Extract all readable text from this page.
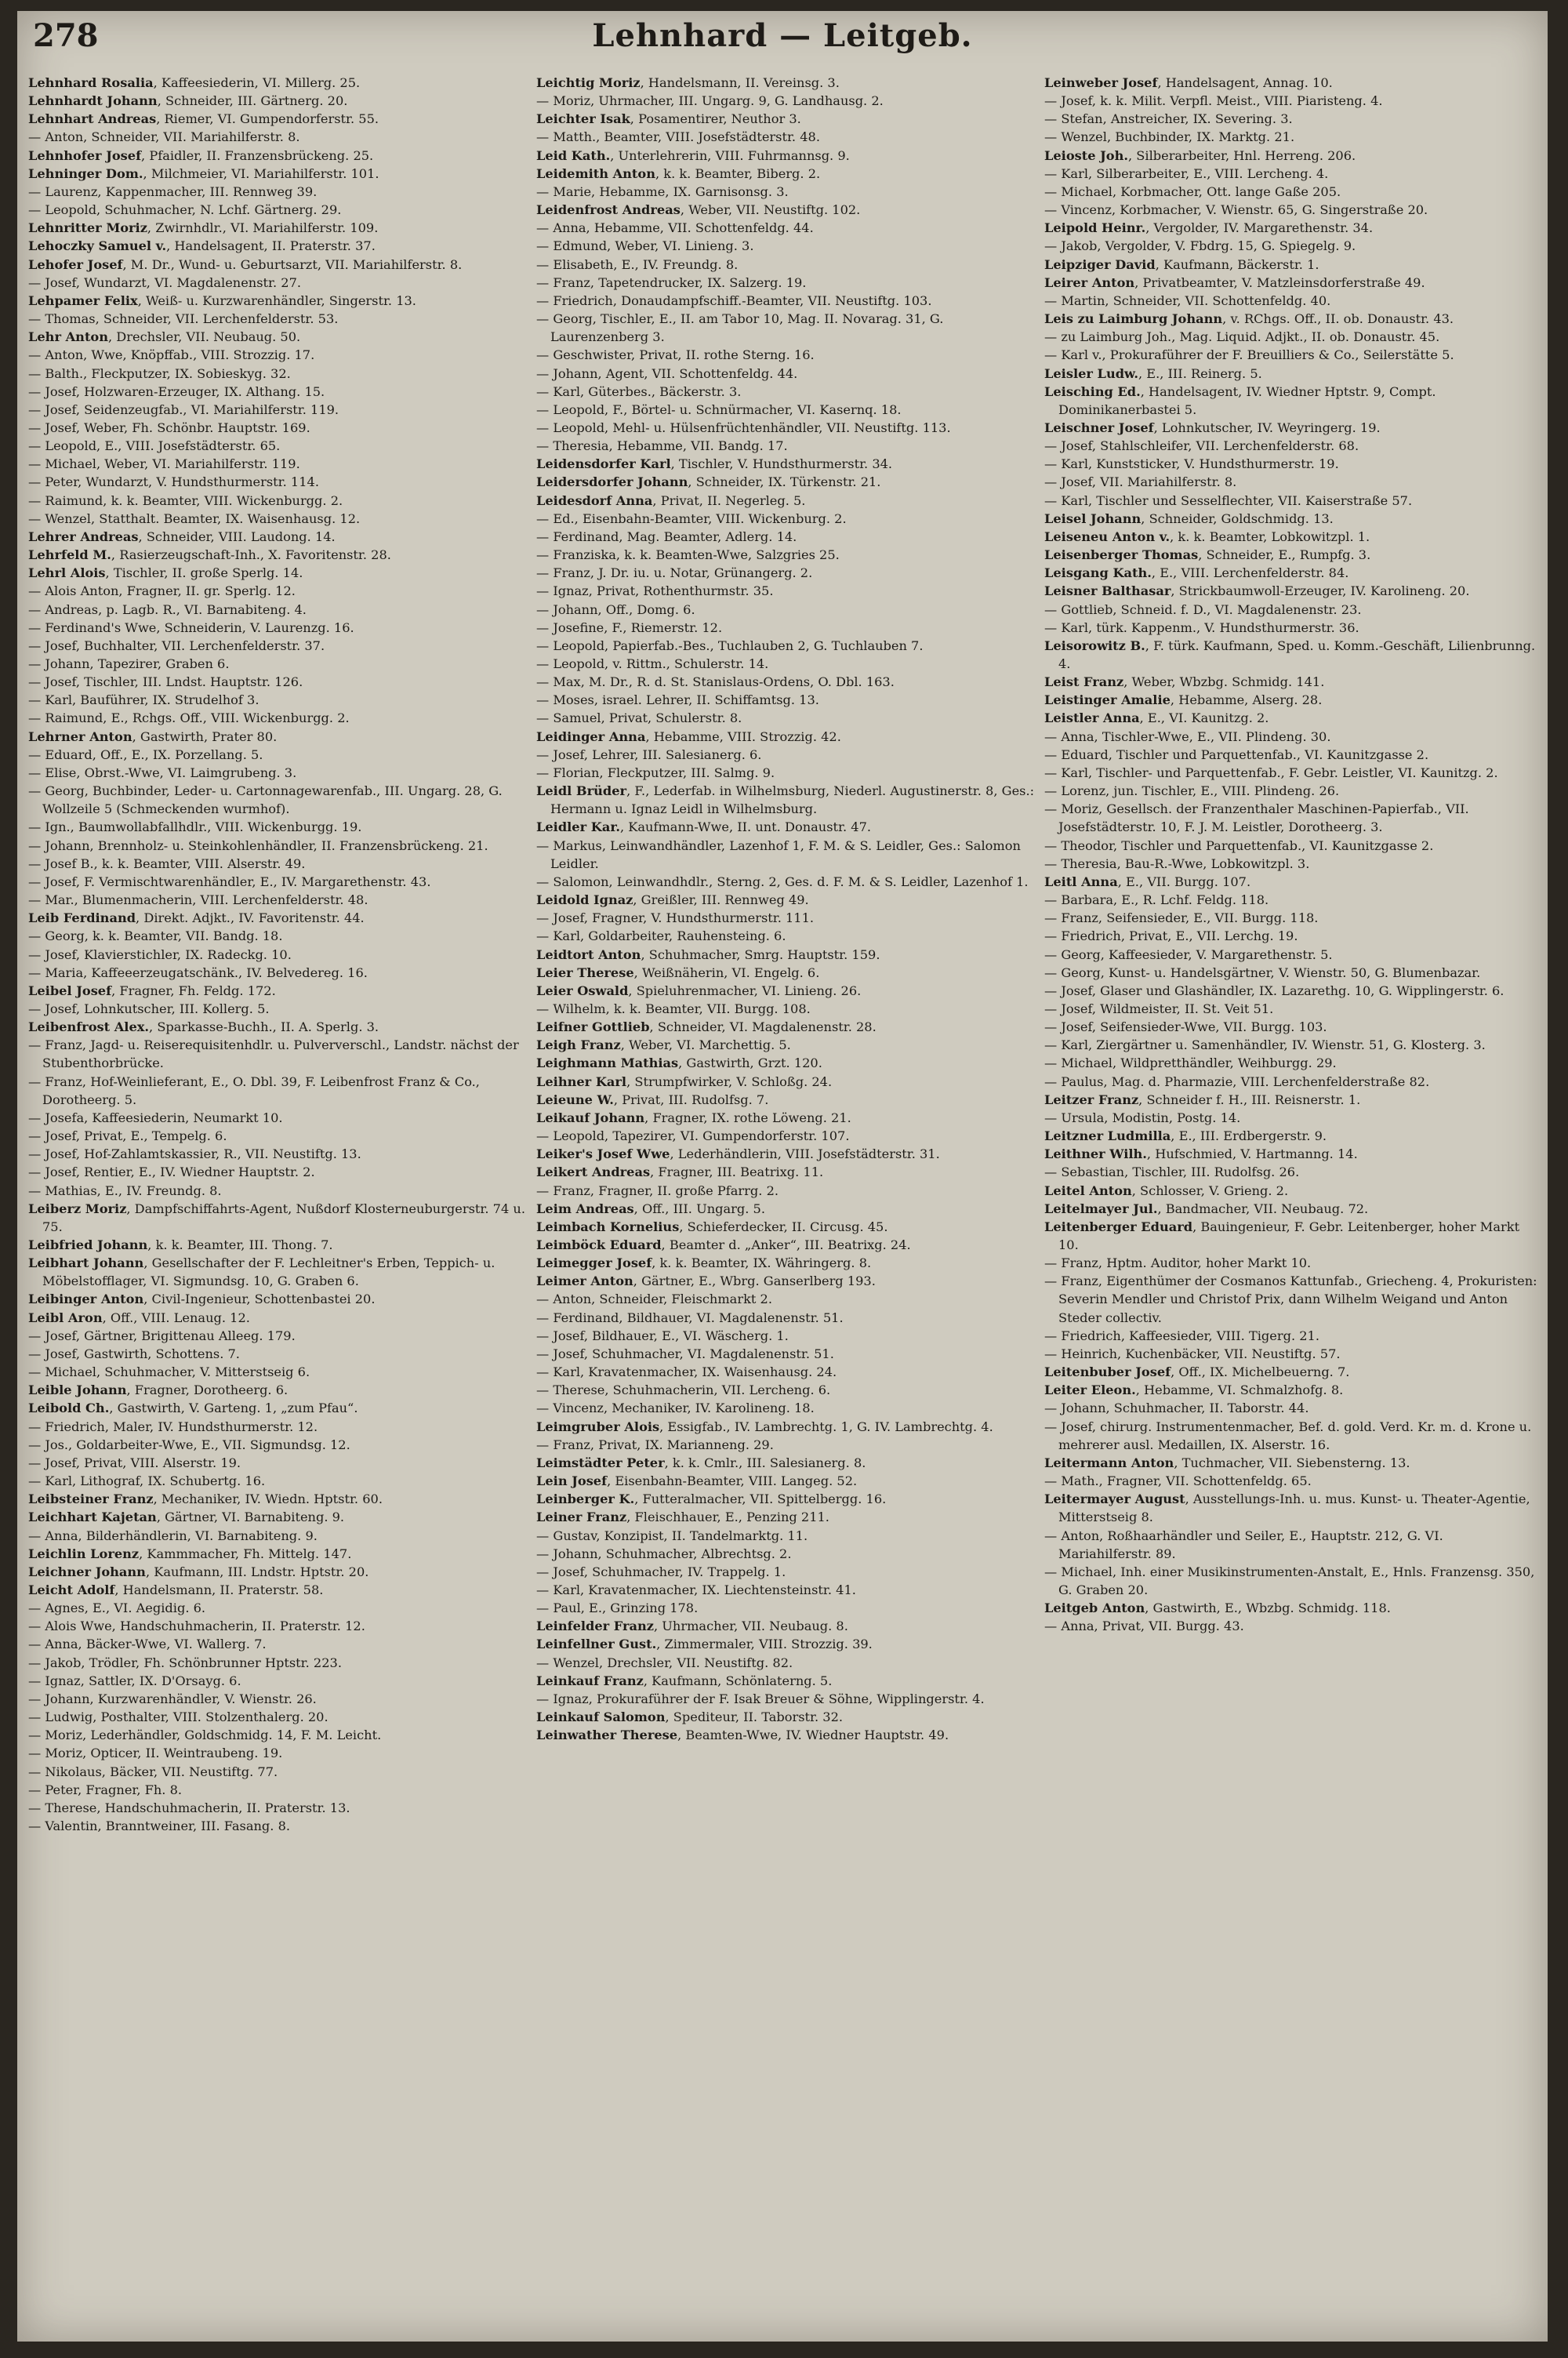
278	Lehnhard — Leitgeb.
Lehnhard Rosalia, Kaffeesiederin, VI. Millerg. 25.
Lehnhardt Johann, Schneider, III. Gärtnerg. 20.
Lehnhart Andreas, Riemer, VI. Gumpendorferstr. 55.
— Anton, Schneider, VII. Mariahilferstr. 8.
Lehnhofer Josef, Pfaidler, II. Franzensbrückeng. 25.
Lehninger Dom., Milchmeier, VI. Mariahilferstr. 101.
— Laurenz, Kappenmacher, III. Rennweg 39.
— Leopold, Schuhmacher, N. Lchf. Gärtnerg. 29.
Lehnritter Moriz, Zwirnhdlr., VI. Mariahilferstr. 109.
Lehoczky Samuel v., Handelsagent, II. Praterstr. 37.
Lehofer Josef, M. Dr., Wund- u. Geburtsarzt, VII. Mariahilferstr. 8.
— Josef, Wundarzt, VI. Magdalenenstr. 27.
Lehpamer Felix, Weiß- u. Kurzwarenhändler, Singerstr. 13.
— Thomas, Schneider, VII. Lerchenfelderstr. 53.
Lehr Anton, Drechsler, VII. Neubaug. 50.
— Anton, Wwe, Knöpffab., VIII. Strozzig. 17.
— Balth., Fleckputzer, IX. Sobieskyg. 32.
— Josef, Holzwaren-Erzeuger, IX. Althang. 15.
— Josef, Seidenzeugfab., VI. Mariahilferstr. 119.
— Josef, Weber, Fh. Schönbr. Hauptstr. 169.
— Leopold, E., VIII. Josefstädterstr. 65.
— Michael, Weber, VI. Mariahilferstr. 119.
— Peter, Wundarzt, V. Hundsthurmerstr. 114.
— Raimund, k. k. Beamter, VIII. Wickenburgg. 2.
— Wenzel, Statthalt. Beamter, IX. Waisenhausg. 12.
Lehrer Andreas, Schneider, VIII. Laudong. 14.
Lehrfeld M., Rasierzeugschaft-Inh., X. Favoritenstr. 28.
Lehrl Alois, Tischler, II. große Sperlg. 14.
— Alois Anton, Fragner, II. gr. Sperlg. 12.
— Andreas, p. Lagb. R., VI. Barnabiteng. 4.
— Ferdinand's Wwe, Schneiderin, V. Laurenzg. 16.
— Josef, Buchhalter, VII. Lerchenfelderstr. 37.
— Johann, Tapezirer, Graben 6.
— Josef, Tischler, III. Lndst. Hauptstr. 126.
— Karl, Bauführer, IX. Strudelhof 3.
— Raimund, E., Rchgs. Off., VIII. Wickenburgg. 2.
Lehrner Anton, Gastwirth, Prater 80.
— Eduard, Off., E., IX. Porzellang. 5.
— Elise, Obrst.-Wwe, VI. Laimgrubeng. 3.
— Georg, Buchbinder, Leder- u. Cartonnagewarenfab., III. Ungarg. 28, G. Wollzeile 5 (Schmeckenden wurmhof).
— Ign., Baumwollabfallhdlr., VIII. Wickenburgg. 19.
— Johann, Brennholz- u. Steinkohlenhändler, II. Franzensbrückeng. 21.
— Josef B., k. k. Beamter, VIII. Alserstr. 49.
— Josef, F. Vermischtwarenhändler, E., IV. Margarethenstr. 43.
— Mar., Blumenmacherin, VIII. Lerchenfelderstr. 48.
Leib Ferdinand, Direkt. Adjkt., IV. Favoritenstr. 44.
— Georg, k. k. Beamter, VII. Bandg. 18.
— Josef, Klavierstichler, IX. Radeckg. 10.
— Maria, Kaffeeerzeugatschänk., IV. Belvedereg. 16.
Leibel Josef, Fragner, Fh. Feldg. 172.
— Josef, Lohnkutscher, III. Kollerg. 5.
Leibenfrost Alex., Sparkasse-Buchh., II. A. Sperlg. 3.
— Franz, Jagd- u. Reiserequisitenhdlr. u. Pulververschl., Landstr. nächst der Stubenthorbrücke.
— Franz, Hof-Weinlieferant, E., O. Dbl. 39, F. Leibenfrost Franz & Co., Dorotheerg. 5.
— Josefa, Kaffeesiederin, Neumarkt 10.
— Josef, Privat, E., Tempelg. 6.
— Josef, Hof-Zahlamtskassier, R., VII. Neustiftg. 13.
— Josef, Rentier, E., IV. Wiedner Hauptstr. 2.
— Mathias, E., IV. Freundg. 8.
Leiberz Moriz, Dampfschiffahrts-Agent, Nußdorf Klosterneuburgerstr. 74 u. 75.
Leibfried Johann, k. k. Beamter, III. Thong. 7.
Leibhart Johann, Gesellschafter der F. Lechleitner's Erben, Teppich- u. Möbelstofflager, VI. Sigmundsg. 10, G. Graben 6.
Leibinger Anton, Civil-Ingenieur, Schottenbastei 20.
Leibl Aron, Off., VIII. Lenaug. 12.
— Josef, Gärtner, Brigittenau Alleeg. 179.
— Josef, Gastwirth, Schottens. 7.
— Michael, Schuhmacher, V. Mitterstseig 6.
Leible Johann, Fragner, Dorotheerg. 6.
Leibold Ch., Gastwirth, V. Garteng. 1, „zum Pfau“.
— Friedrich, Maler, IV. Hundsthurmerstr. 12.
— Jos., Goldarbeiter-Wwe, E., VII. Sigmundsg. 12.
— Josef, Privat, VIII. Alserstr. 19.
— Karl, Lithograf, IX. Schubertg. 16.
Leibsteiner Franz, Mechaniker, IV. Wiedn. Hptstr. 60.
Leichhart Kajetan, Gärtner, VI. Barnabiteng. 9.
— Anna, Bilderhändlerin, VI. Barnabiteng. 9.
Leichlin Lorenz, Kammmacher, Fh. Mittelg. 147.
Leichner Johann, Kaufmann, III. Lndstr. Hptstr. 20.
Leicht Adolf, Handelsmann, II. Praterstr. 58.
— Agnes, E., VI. Aegidig. 6.
— Alois Wwe, Handschuhmacherin, II. Praterstr. 12.
— Anna, Bäcker-Wwe, VI. Wallerg. 7.
— Jakob, Trödler, Fh. Schönbrunner Hptstr. 223.
— Ignaz, Sattler, IX. D'Orsayg. 6.
— Johann, Kurzwarenhändler, V. Wienstr. 26.
— Ludwig, Posthalter, VIII. Stolzenthalerg. 20.
— Moriz, Lederhändler, Goldschmidg. 14, F. M. Leicht.
— Moriz, Opticer, II. Weintraubeng. 19.
— Nikolaus, Bäcker, VII. Neustiftg. 77.
— Peter, Fragner, Fh. 8.
— Therese, Handschuhmacherin, II. Praterstr. 13.
— Valentin, Branntweiner, III. Fasang. 8.
Leichtig Moriz, Handelsmann, II. Vereinsg. 3.
— Moriz, Uhrmacher, III. Ungarg. 9, G. Landhausg. 2.
Leichter Isak, Posamentirer, Neuthor 3.
— Matth., Beamter, VIII. Josefstädterstr. 48.
Leid Kath., Unterlehrerin, VIII. Fuhrmannsg. 9.
Leidemith Anton, k. k. Beamter, Biberg. 2.
— Marie, Hebamme, IX. Garnisonsg. 3.
Leidenfrost Andreas, Weber, VII. Neustiftg. 102.
— Anna, Hebamme, VII. Schottenfeldg. 44.
— Edmund, Weber, VI. Linieng. 3.
— Elisabeth, E., IV. Freundg. 8.
— Franz, Tapetendrucker, IX. Salzerg. 19.
— Friedrich, Donaudampfschiff.-Beamter, VII. Neustiftg. 103.
— Georg, Tischler, E., II. am Tabor 10, Mag. II. Novarag. 31, G. Laurenzenberg 3.
— Geschwister, Privat, II. rothe Sterng. 16.
— Johann, Agent, VII. Schottenfeldg. 44.
— Karl, Güterbes., Bäckerstr. 3.
— Leopold, F., Börtel- u. Schnürmacher, VI. Kasernq. 18.
— Leopold, Mehl- u. Hülsenfrüchtenhändler, VII. Neustiftg. 113.
— Theresia, Hebamme, VII. Bandg. 17.
Leidensdorfer Karl, Tischler, V. Hundsthurmerstr. 34.
Leidersdorfer Johann, Schneider, IX. Türkenstr. 21.
Leidesdorf Anna, Privat, II. Negerleg. 5.
— Ed., Eisenbahn-Beamter, VIII. Wickenburg. 2.
— Ferdinand, Mag. Beamter, Adlerg. 14.
— Franziska, k. k. Beamten-Wwe, Salzgries 25.
— Franz, J. Dr. iu. u. Notar, Grünangerg. 2.
— Ignaz, Privat, Rothenthurmstr. 35.
— Johann, Off., Domg. 6.
— Josefine, F., Riemerstr. 12.
— Leopold, Papierfab.-Bes., Tuchlauben 2, G. Tuchlauben 7.
— Leopold, v. Rittm., Schulerstr. 14.
— Max, M. Dr., R. d. St. Stanislaus-Ordens, O. Dbl. 163.
— Moses, israel. Lehrer, II. Schiffamtsg. 13.
— Samuel, Privat, Schulerstr. 8.
Leidinger Anna, Hebamme, VIII. Strozzig. 42.
— Josef, Lehrer, III. Salesianerg. 6.
— Florian, Fleckputzer, III. Salmg. 9.
Leidl Brüder, F., Lederfab. in Wilhelmsburg, Niederl. Augustinerstr. 8, Ges.: Hermann u. Ignaz Leidl in Wilhelmsburg.
Leidler Kar., Kaufmann-Wwe, II. unt. Donaustr. 47.
— Markus, Leinwandhändler, Lazenhof 1, F. M. & S. Leidler, Ges.: Salomon Leidler.
— Salomon, Leinwandhdlr., Sterng. 2, Ges. d. F. M. & S. Leidler, Lazenhof 1.
Leidold Ignaz, Greißler, III. Rennweg 49.
— Josef, Fragner, V. Hundsthurmerstr. 111.
— Karl, Goldarbeiter, Rauhensteing. 6.
Leidtort Anton, Schuhmacher, Smrg. Hauptstr. 159.
Leier Therese, Weißnäherin, VI. Engelg. 6.
Leier Oswald, Spieluhrenmacher, VI. Linieng. 26.
— Wilhelm, k. k. Beamter, VII. Burgg. 108.
Leifner Gottlieb, Schneider, VI. Magdalenenstr. 28.
Leigh Franz, Weber, VI. Marchettig. 5.
Leighmann Mathias, Gastwirth, Grzt. 120.
Leihner Karl, Strumpfwirker, V. Schloßg. 24.
Leieune W., Privat, III. Rudolfsg. 7.
Leikauf Johann, Fragner, IX. rothe Löweng. 21.
— Leopold, Tapezirer, VI. Gumpendorferstr. 107.
Leiker's Josef Wwe, Lederhändlerin, VIII. Josefstädterstr. 31.
Leikert Andreas, Fragner, III. Beatrixg. 11.
— Franz, Fragner, II. große Pfarrg. 2.
Leim Andreas, Off., III. Ungarg. 5.
Leimbach Kornelius, Schieferdecker, II. Circusg. 45.
Leimböck Eduard, Beamter d. „Anker“, III. Beatrixg. 24.
Leimegger Josef, k. k. Beamter, IX. Währingerg. 8.
Leimer Anton, Gärtner, E., Wbrg. Ganserlberg 193.
— Anton, Schneider, Fleischmarkt 2.
— Ferdinand, Bildhauer, VI. Magdalenenstr. 51.
— Josef, Bildhauer, E., VI. Wäscherg. 1.
— Josef, Schuhmacher, VI. Magdalenenstr. 51.
— Karl, Kravatenmacher, IX. Waisenhausg. 24.
— Therese, Schuhmacherin, VII. Lercheng. 6.
— Vincenz, Mechaniker, IV. Karolineng. 18.
Leimgruber Alois, Essigfab., IV. Lambrechtg. 1, G. IV. Lambrechtg. 4.
— Franz, Privat, IX. Marianneng. 29.
Leimstädter Peter, k. k. Cmlr., III. Salesianerg. 8.
Lein Josef, Eisenbahn-Beamter, VIII. Langeg. 52.
Leinberger K., Futteralmacher, VII. Spittelbergg. 16.
Leiner Franz, Fleischhauer, E., Penzing 211.
— Gustav, Konzipist, II. Tandelmarktg. 11.
— Johann, Schuhmacher, Albrechtsg. 2.
— Josef, Schuhmacher, IV. Trappelg. 1.
— Karl, Kravatenmacher, IX. Liechtensteinstr. 41.
— Paul, E., Grinzing 178.
Leinfelder Franz, Uhrmacher, VII. Neubaug. 8.
Leinfellner Gust., Zimmermaler, VIII. Strozzig. 39.
— Wenzel, Drechsler, VII. Neustiftg. 82.
Leinkauf Franz, Kaufmann, Schönlaterng. 5.
— Ignaz, Prokuraführer der F. Isak Breuer & Söhne, Wipplingerstr. 4.
Leinkauf Salomon, Spediteur, II. Taborstr. 32.
Leinwather Therese, Beamten-Wwe, IV. Wiedner Hauptstr. 49.
Leinweber Josef, Handelsagent, Annag. 10.
— Josef, k. k. Milit. Verpfl. Meist., VIII. Piaristeng. 4.
— Stefan, Anstreicher, IX. Severing. 3.
— Wenzel, Buchbinder, IX. Marktg. 21.
Leioste Joh., Silberarbeiter, Hnl. Herreng. 206.
— Karl, Silberarbeiter, E., VIII. Lercheng. 4.
— Michael, Korbmacher, Ott. lange Gaße 205.
— Vincenz, Korbmacher, V. Wienstr. 65, G. Singerstraße 20.
Leipold Heinr., Vergolder, IV. Margarethenstr. 34.
— Jakob, Vergolder, V. Fbdrg. 15, G. Spiegelg. 9.
Leipziger David, Kaufmann, Bäckerstr. 1.
Leirer Anton, Privatbeamter, V. Matzleinsdorferstraße 49.
— Martin, Schneider, VII. Schottenfeldg. 40.
Leis zu Laimburg Johann, v. RChgs. Off., II. ob. Donaustr. 43.
— zu Laimburg Joh., Mag. Liquid. Adjkt., II. ob. Donaustr. 45.
— Karl v., Prokuraführer der F. Breuilliers & Co., Seilerstätte 5.
Leisler Ludw., E., III. Reinerg. 5.
Leisching Ed., Handelsagent, IV. Wiedner Hptstr. 9, Compt. Dominikanerbastei 5.
Leischner Josef, Lohnkutscher, IV. Weyringerg. 19.
— Josef, Stahlschleifer, VII. Lerchenfelderstr. 68.
— Karl, Kunststicker, V. Hundsthurmerstr. 19.
— Josef, VII. Mariahilferstr. 8.
— Karl, Tischler und Sesselflechter, VII. Kaiserstraße 57.
Leisel Johann, Schneider, Goldschmidg. 13.
Leiseneu Anton v., k. k. Beamter, Lobkowitzpl. 1.
Leisenberger Thomas, Schneider, E., Rumpfg. 3.
Leisgang Kath., E., VIII. Lerchenfelderstr. 84.
Leisner Balthasar, Strickbaumwoll-Erzeuger, IV. Karolineng. 20.
— Gottlieb, Schneid. f. D., VI. Magdalenenstr. 23.
— Karl, türk. Kappenm., V. Hundsthurmerstr. 36.
Leisorowitz B., F. türk. Kaufmann, Sped. u. Komm.-Geschäft, Lilienbrunng. 4.
Leist Franz, Weber, Wbzbg. Schmidg. 141.
Leistinger Amalie, Hebamme, Alserg. 28.
Leistler Anna, E., VI. Kaunitzg. 2.
— Anna, Tischler-Wwe, E., VII. Plindeng. 30.
— Eduard, Tischler und Parquettenfab., VI. Kaunitzgasse 2.
— Karl, Tischler- und Parquettenfab., F. Gebr. Leistler, VI. Kaunitzg. 2.
— Lorenz, jun. Tischler, E., VIII. Plindeng. 26.
— Moriz, Gesellsch. der Franzenthaler Maschinen-Papierfab., VII. Josefstädterstr. 10, F. J. M. Leistler, Dorotheerg. 3.
— Theodor, Tischler und Parquettenfab., VI. Kaunitzgasse 2.
— Theresia, Bau-R.-Wwe, Lobkowitzpl. 3.
Leitl Anna, E., VII. Burgg. 107.
— Barbara, E., R. Lchf. Feldg. 118.
— Franz, Seifensieder, E., VII. Burgg. 118.
— Friedrich, Privat, E., VII. Lerchg. 19.
— Georg, Kaffeesieder, V. Margarethenstr. 5.
— Georg, Kunst- u. Handelsgärtner, V. Wienstr. 50, G. Blumenbazar.
— Josef, Glaser und Glashändler, IX. Lazarethg. 10, G. Wipplingerstr. 6.
— Josef, Wildmeister, II. St. Veit 51.
— Josef, Seifensieder-Wwe, VII. Burgg. 103.
— Karl, Ziergärtner u. Samenhändler, IV. Wienstr. 51, G. Klosterg. 3.
— Michael, Wildpretthändler, Weihburgg. 29.
— Paulus, Mag. d. Pharmazie, VIII. Lerchenfelderstraße 82.
Leitzer Franz, Schneider f. H., III. Reisnerstr. 1.
— Ursula, Modistin, Postg. 14.
Leitzner Ludmilla, E., III. Erdbergerstr. 9.
Leithner Wilh., Hufschmied, V. Hartmanng. 14.
— Sebastian, Tischler, III. Rudolfsg. 26.
Leitel Anton, Schlosser, V. Grieng. 2.
Leitelmayer Jul., Bandmacher, VII. Neubaug. 72.
Leitenberger Eduard, Bauingenieur, F. Gebr. Leitenberger, hoher Markt 10.
— Franz, Hptm. Auditor, hoher Markt 10.
— Franz, Eigenthümer der Cosmanos Kattunfab., Griecheng. 4, Prokuristen: Severin Mendler und Christof Prix, dann Wilhelm Weigand und Anton Steder collectiv.
— Friedrich, Kaffeesieder, VIII. Tigerg. 21.
— Heinrich, Kuchenbäcker, VII. Neustiftg. 57.
Leitenbuber Josef, Off., IX. Michelbeuerng. 7.
Leiter Eleon., Hebamme, VI. Schmalzhofg. 8.
— Johann, Schuhmacher, II. Taborstr. 44.
— Josef, chirurg. Instrumentenmacher, Bef. d. gold. Verd. Kr. m. d. Krone u. mehrerer ausl. Medaillen, IX. Alserstr. 16.
Leitermann Anton, Tuchmacher, VII. Siebensterng. 13.
— Math., Fragner, VII. Schottenfeldg. 65.
Leitermayer August, Ausstellungs-Inh. u. mus. Kunst- u. Theater-Agentie, Mitterstseig 8.
— Anton, Roßhaarhändler und Seiler, E., Hauptstr. 212, G. VI. Mariahilferstr. 89.
— Michael, Inh. einer Musikinstrumenten-Anstalt, E., Hnls. Franzensg. 350, G. Graben 20.
Leitgeb Anton, Gastwirth, E., Wbzbg. Schmidg. 118.
— Anna, Privat, VII. Burgg. 43.
